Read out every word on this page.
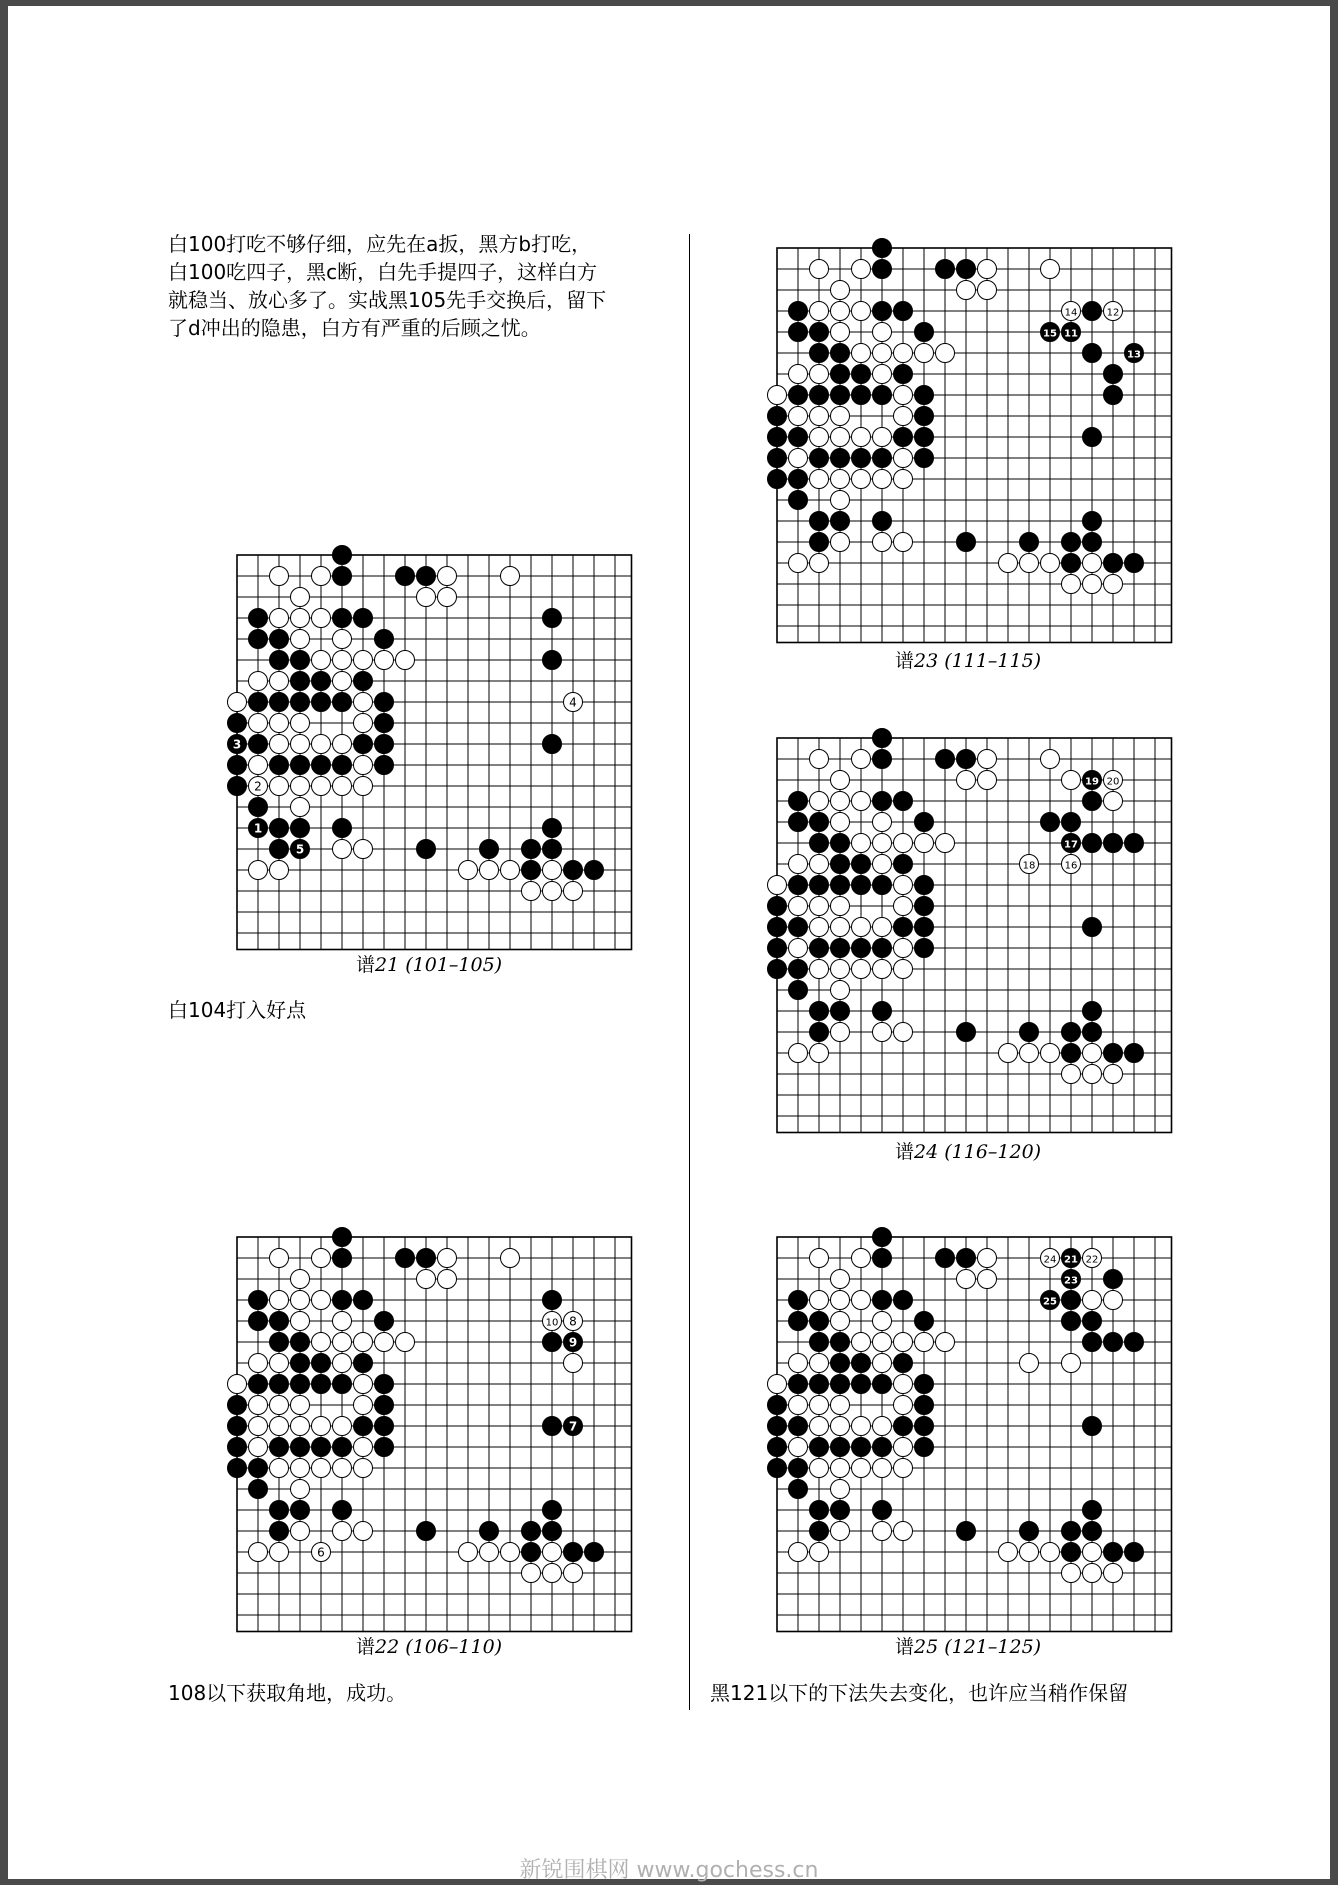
白100打吃不够仔细，应先在a扳，黑方b打吃，
白100吃四子，黑c断，白先手提四子，这样白方
就稳当、放心多了。实战黑105先手交换后，留下
了d冲出的隐患，白方有严重的后顾之忧。
3
2
1
5
4
谱21 (101–105)
白104打入好点
10 8
9
7
6
谱22 (106–110)
108以下获取角地，成功。
14	12
15 11
13
谱23 (111–115)
19 20
17
18	16
谱24 (116–120)
24 21 22
23
25
谱25 (121–125)
黑121以下的下法失去变化，也许应当稍作保留
新锐围棋网 www.gochess.cn
